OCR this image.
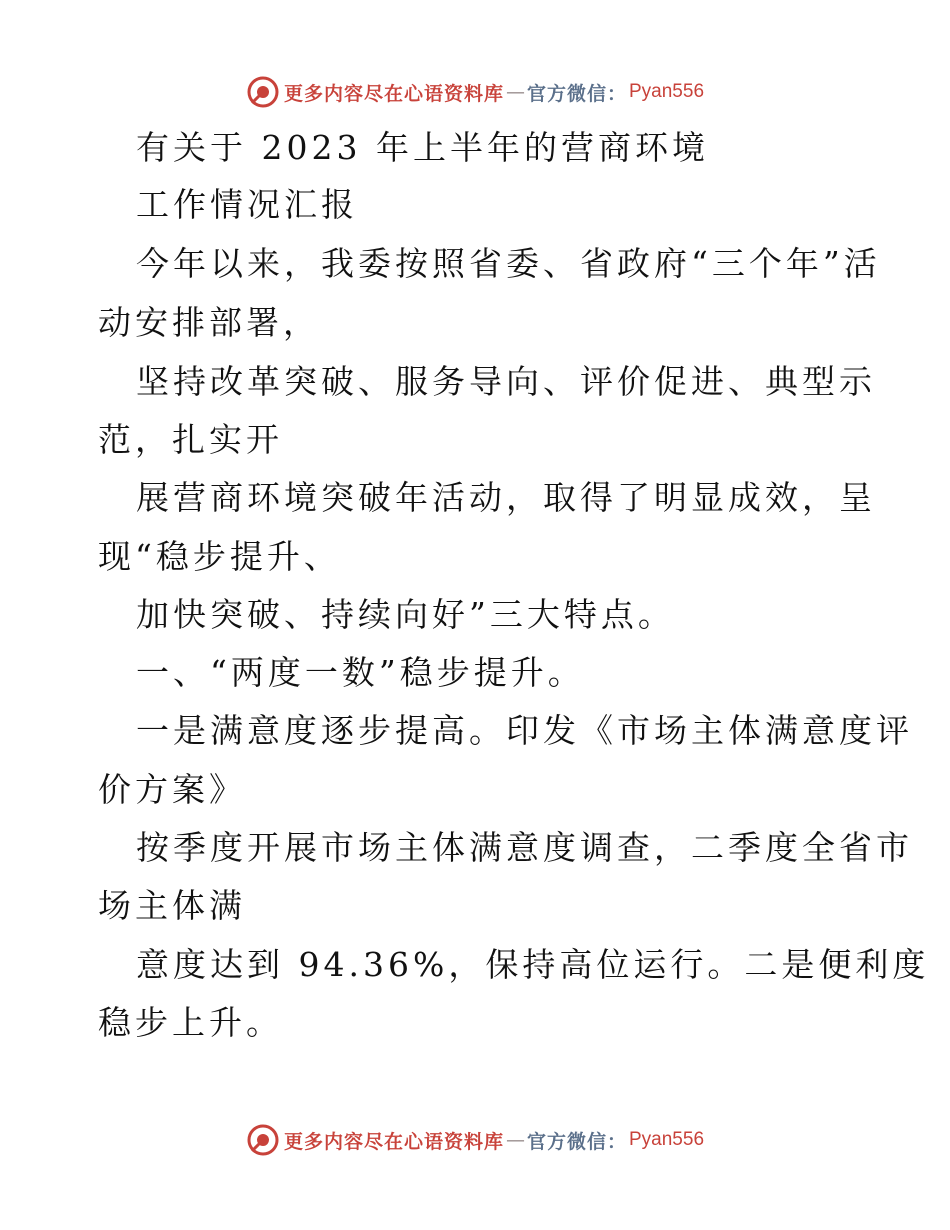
更多内容尽在心语资料库 — 官方微信： Pyan556
有关于 2023 年上半年的营商环境
工作情况汇报
今年以来，我委按照省委、省政府“三个年”活
动安排部署，
坚持改革突破、服务导向、评价促进、典型示
范，扎实开
展营商环境突破年活动，取得了明显成效，呈
现“稳步提升、
加快突破、持续向好”三大特点。
一、“两度一数”稳步提升。
一是满意度逐步提高。印发《市场主体满意度评
价方案》
按季度开展市场主体满意度调查，二季度全省市
场主体满
意度达到 94.36%，保持高位运行。二是便利度
稳步上升。
更多内容尽在心语资料库 — 官方微信： Pyan556
